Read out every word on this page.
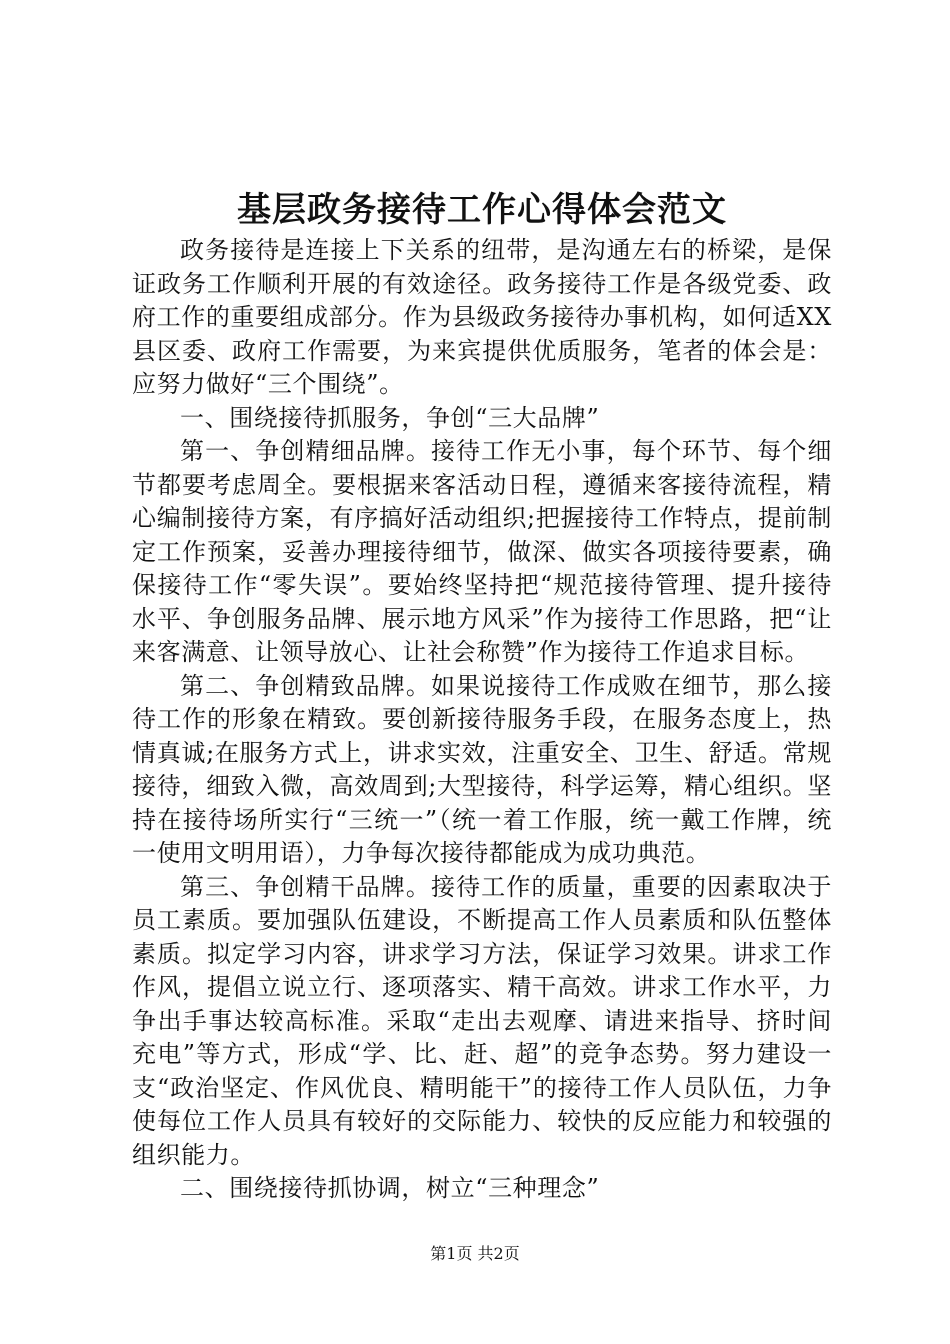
基层政务接待工作心得体会范文

政务接待是连接上下关系的纽带，是沟通左右的桥梁，是保证政务工作顺利开展的有效途径。政务接待工作是各级党委、政府工作的重要组成部分。作为县级政务接待办事机构，如何适XX县区委、政府工作需要，为来宾提供优质服务，笔者的体会是：应努力做好“三个围绕”。

一、围绕接待抓服务，争创“三大品牌”

第一、争创精细品牌。接待工作无小事，每个环节、每个细节都要考虑周全。要根据来客活动日程，遵循来客接待流程，精心编制接待方案，有序搞好活动组织;把握接待工作特点，提前制定工作预案，妥善办理接待细节，做深、做实各项接待要素，确保接待工作“零失误”。要始终坚持把“规范接待管理、提升接待水平、争创服务品牌、展示地方风采”作为接待工作思路，把“让来客满意、让领导放心、让社会称赞”作为接待工作追求目标。

第二、争创精致品牌。如果说接待工作成败在细节，那么接待工作的形象在精致。要创新接待服务手段，在服务态度上，热情真诚;在服务方式上，讲求实效，注重安全、卫生、舒适。常规接待，细致入微，高效周到;大型接待，科学运筹，精心组织。坚持在接待场所实行“三统一”（统一着工作服，统一戴工作牌，统一使用文明用语），力争每次接待都能成为成功典范。

第三、争创精干品牌。接待工作的质量，重要的因素取决于员工素质。要加强队伍建设，不断提高工作人员素质和队伍整体素质。拟定学习内容，讲求学习方法，保证学习效果。讲求工作作风，提倡立说立行、逐项落实、精干高效。讲求工作水平，力争出手事达较高标准。采取“走出去观摩、请进来指导、挤时间充电”等方式，形成“学、比、赶、超”的竞争态势。努力建设一支“政治坚定、作风优良、精明能干”的接待工作人员队伍，力争使每位工作人员具有较好的交际能力、较快的反应能力和较强的组织能力。

二、围绕接待抓协调，树立“三种理念”

第1页 共2页
